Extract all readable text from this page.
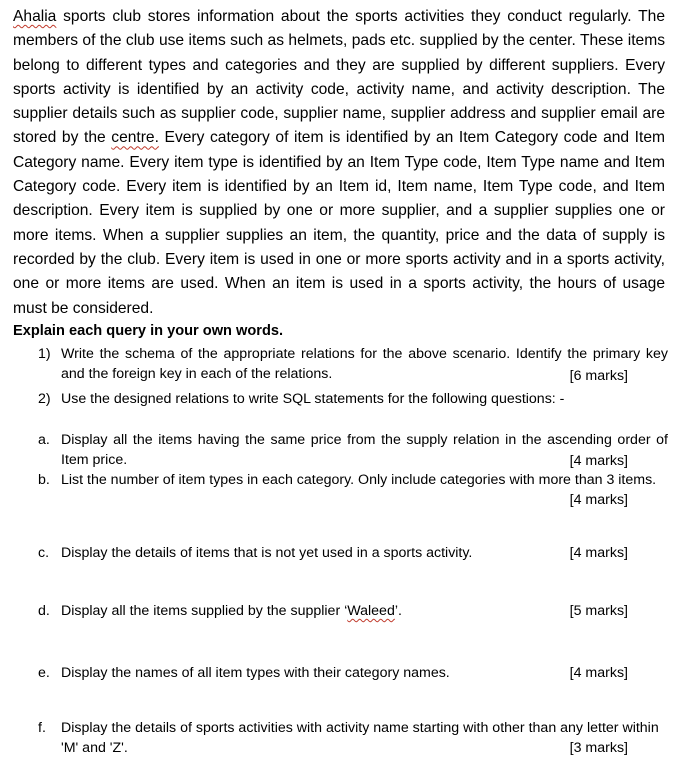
Ahalia sports club stores information about the sports activities they conduct regularly. The members of the club use items such as helmets, pads etc. supplied by the center. These items belong to different types and categories and they are supplied by different suppliers. Every sports activity is identified by an activity code, activity name, and activity description. The supplier details such as supplier code, supplier name, supplier address and supplier email are stored by the centre. Every category of item is identified by an Item Category code and Item Category name. Every item type is identified by an Item Type code, Item Type name and Item Category code. Every item is identified by an Item id, Item name, Item Type code, and Item description. Every item is supplied by one or more supplier, and a supplier supplies one or more items. When a supplier supplies an item, the quantity, price and the data of supply is recorded by the club. Every item is used in one or more sports activity and in a sports activity, one or more items are used. When an item is used in a sports activity, the hours of usage must be considered.
Explain each query in your own words.
1) Write the schema of the appropriate relations for the above scenario. Identify the primary key and the foreign key in each of the relations.	[6 marks]
2) Use the designed relations to write SQL statements for the following questions: -
a. Display all the items having the same price from the supply relation in the ascending order of Item price.	[4 marks]
b. List the number of item types in each category. Only include categories with more than 3 items.
[4 marks]
c. Display the details of items that is not yet used in a sports activity.	[4 marks]
d. Display all the items supplied by the supplier ‘Waleed’.	[5 marks]
e. Display the names of all item types with their category names.	[4 marks]
f.	Display the details of sports activities with activity name starting with other than any letter within 'M' and 'Z'.	[3 marks]
